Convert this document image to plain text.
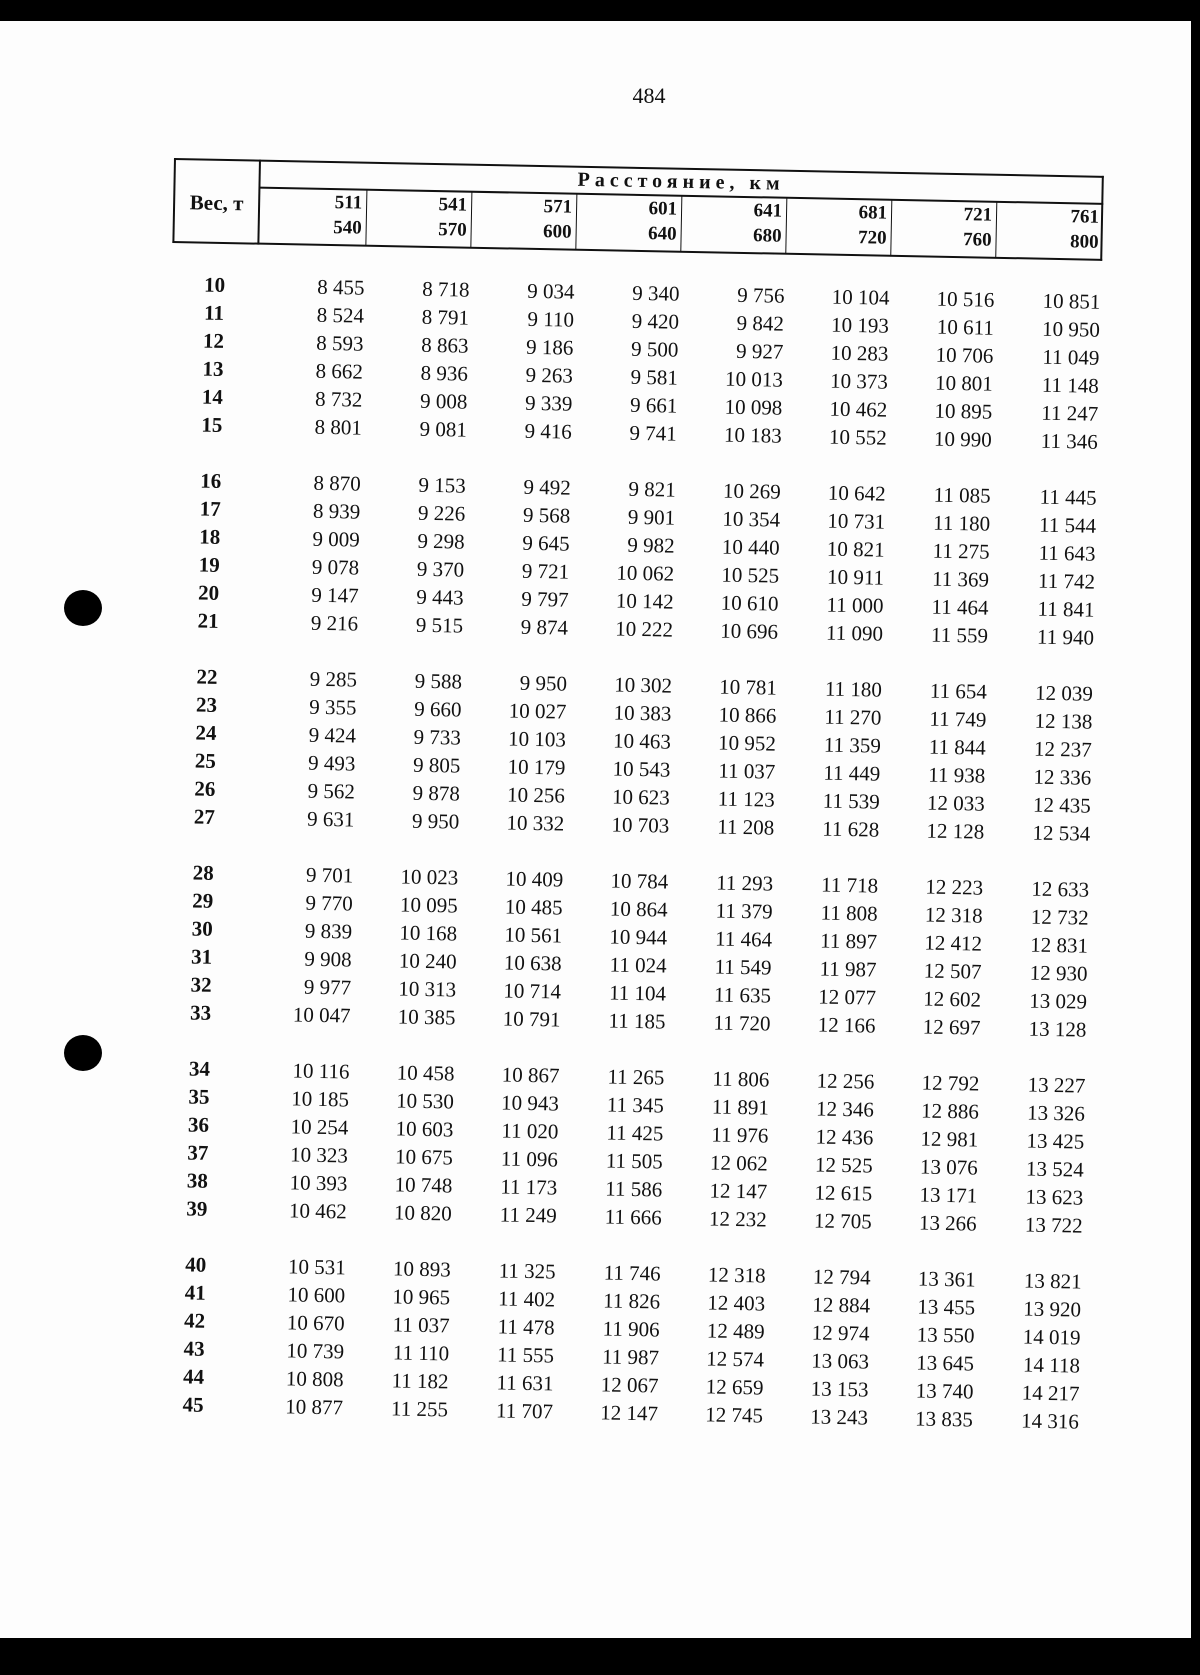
484
Вес, т
Расстояние, км
511
540
541
570
571
600
601
640
641
680
681
720
721
760
761
800
10	8 455	8 718	9 034	9 340	9 756	10 104	10 516	10 851
11	8 524	8 791	9 110	9 420	9 842	10 193	10 611	10 950
12	8 593	8 863	9 186	9 500	9 927	10 283	10 706	11 049
13	8 662	8 936	9 263	9 581	10 013	10 373	10 801	11 148
14	8 732	9 008	9 339	9 661	10 098	10 462	10 895	11 247
15	8 801	9 081	9 416	9 741	10 183	10 552	10 990	11 346
16	8 870	9 153	9 492	9 821	10 269	10 642	11 085	11 445
17	8 939	9 226	9 568	9 901	10 354	10 731	11 180	11 544
18	9 009	9 298	9 645	9 982	10 440	10 821	11 275	11 643
19	9 078	9 370	9 721	10 062	10 525	10 911	11 369	11 742
20	9 147	9 443	9 797	10 142	10 610	11 000	11 464	11 841
21	9 216	9 515	9 874	10 222	10 696	11 090	11 559	11 940
22	9 285	9 588	9 950	10 302	10 781	11 180	11 654	12 039
23	9 355	9 660	10 027	10 383	10 866	11 270	11 749	12 138
24	9 424	9 733	10 103	10 463	10 952	11 359	11 844	12 237
25	9 493	9 805	10 179	10 543	11 037	11 449	11 938	12 336
26	9 562	9 878	10 256	10 623	11 123	11 539	12 033	12 435
27	9 631	9 950	10 332	10 703	11 208	11 628	12 128	12 534
28	9 701	10 023	10 409	10 784	11 293	11 718	12 223	12 633
29	9 770	10 095	10 485	10 864	11 379	11 808	12 318	12 732
30	9 839	10 168	10 561	10 944	11 464	11 897	12 412	12 831
31	9 908	10 240	10 638	11 024	11 549	11 987	12 507	12 930
32	9 977	10 313	10 714	11 104	11 635	12 077	12 602	13 029
33	10 047	10 385	10 791	11 185	11 720	12 166	12 697	13 128
34	10 116	10 458	10 867	11 265	11 806	12 256	12 792	13 227
35	10 185	10 530	10 943	11 345	11 891	12 346	12 886	13 326
36	10 254	10 603	11 020	11 425	11 976	12 436	12 981	13 425
37	10 323	10 675	11 096	11 505	12 062	12 525	13 076	13 524
38	10 393	10 748	11 173	11 586	12 147	12 615	13 171	13 623
39	10 462	10 820	11 249	11 666	12 232	12 705	13 266	13 722
40	10 531	10 893	11 325	11 746	12 318	12 794	13 361	13 821
41	10 600	10 965	11 402	11 826	12 403	12 884	13 455	13 920
42	10 670	11 037	11 478	11 906	12 489	12 974	13 550	14 019
43	10 739	11 110	11 555	11 987	12 574	13 063	13 645	14 118
44	10 808	11 182	11 631	12 067	12 659	13 153	13 740	14 217
45	10 877	11 255	11 707	12 147	12 745	13 243	13 835	14 316
